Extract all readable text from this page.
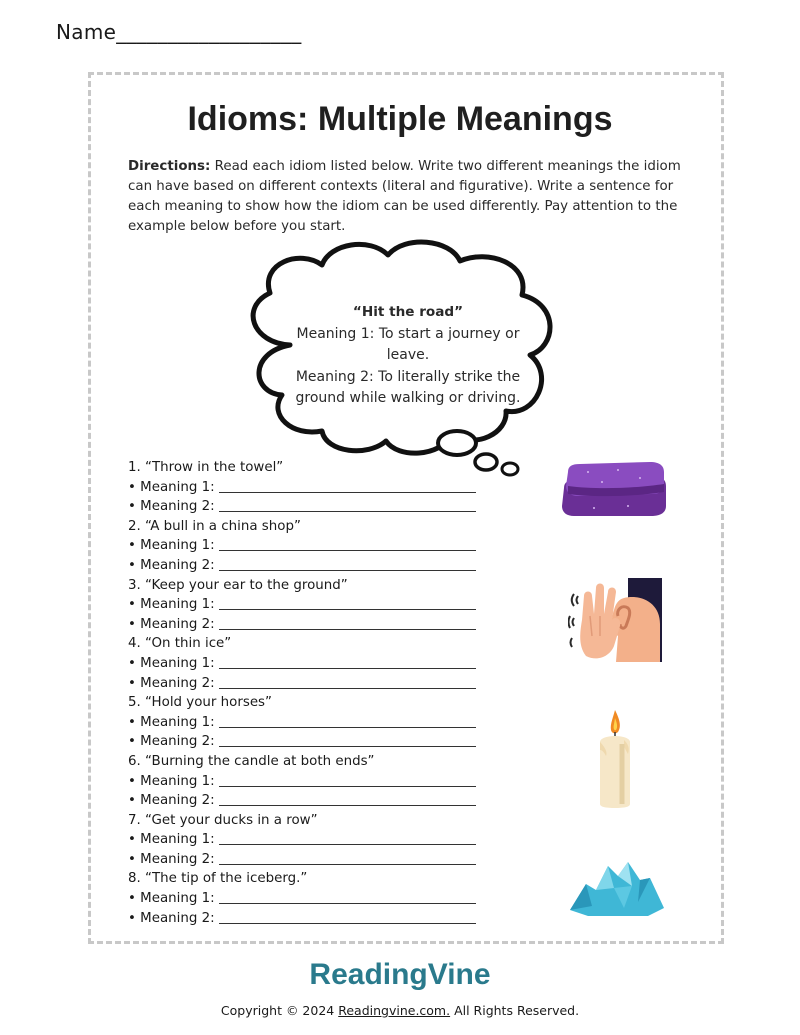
Name__________________
Idioms: Multiple Meanings
Directions: Read each idiom listed below. Write two different meanings the idiom can have based on different contexts (literal and figurative). Write a sentence for each meaning to show how the idiom can be used differently. Pay attention to the example below before you start.
“Hit the road”
Meaning 1: To start a journey or leave.
Meaning 2: To literally strike the ground while walking or driving.
1. “Throw in the towel”
• Meaning 1:
• Meaning 2:
2. “A bull in a china shop”
• Meaning 1:
• Meaning 2:
3. “Keep your ear to the ground”
• Meaning 1:
• Meaning 2:
4. “On thin ice”
• Meaning 1:
• Meaning 2:
5. “Hold your horses”
• Meaning 1:
• Meaning 2:
6. “Burning the candle at both ends”
• Meaning 1:
• Meaning 2:
7. “Get your ducks in a row”
• Meaning 1:
• Meaning 2:
8. “The tip of the iceberg.”
• Meaning 1:
• Meaning 2:
ReadingVine
Copyright © 2024 Readingvine.com. All Rights Reserved.
